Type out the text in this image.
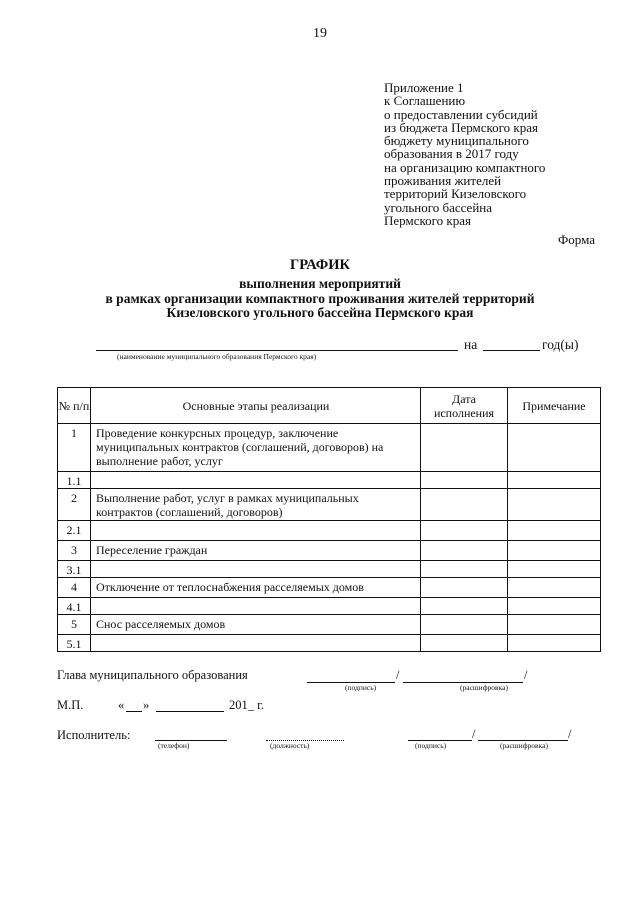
19
Приложение 1
к Соглашению
о предоставлении субсидий
из бюджета Пермского края
бюджету муниципального
образования в 2017 году
на организацию компактного
проживания жителей
территорий Кизеловского
угольного бассейна
Пермского края
Форма
ГРАФИК
выполнения мероприятий
в рамках организации компактного проживания жителей территорий
Кизеловского угольного бассейна Пермского края
на	год(ы)
(наименование муниципального образования Пермского края)
№ п/п	Основные этапы реализации	Дата исполнения	Примечание
1	Проведение конкурсных процедур, заключение муниципальных контрактов (соглашений, договоров) на выполнение работ, услуг		
1.1			
2	Выполнение работ, услуг в рамках муниципальных контрактов (соглашений, договоров)		
2.1			
3	Переселение граждан		
3.1			
4	Отключение от теплоснабжения расселяемых домов		
4.1			
5	Снос расселяемых домов		
5.1			
Глава муниципального образования	/	/
(подпись)	(расшифровка)
М.П.	« »	201_ г.
Исполнитель:
(телефон)	(должность)
/	/
(подпись)	(расшифровка)
